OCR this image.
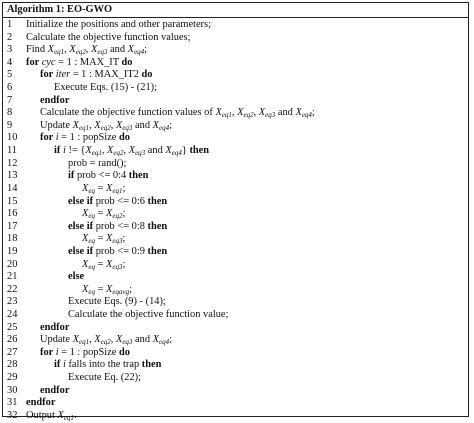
Algorithm 1: EO-GWO
1	Initialize the positions and other parameters;
2	Calculate the objective function values;
3	Find $X_{eq1}$, $X_{eq2}$, $X_{eq3}$ and $X_{eq4}$;
4	for cyc = 1 : MAX_IT do
5	for iter = 1 : MAX_IT2 do
6	Execute Eqs. (15) - (21);
7	endfor
8	Calculate the objective function values of $X_{eq1}$, $X_{eq2}$, $X_{eq3}$ and $X_{eq4}$;
9	Update $X_{eq1}$, $X_{eq2}$, $X_{eq3}$ and $X_{eq4}$;
10	for i = 1 : popSize do
11	if i != {$X_{eq1}$, $X_{eq2}$, $X_{eq3}$ and $X_{eq4}$} then
12	prob = rand();
13	if prob <= 0:4 then
14	$X_{eq} = X_{eq1}$;
15	else if prob <= 0:6 then
16	$X_{eq} = X_{eq2}$;
17	else if prob <= 0:8 then
18	$X_{eq} = X_{eq3}$;
19	else if prob <= 0:9 then
20	$X_{eq} = X_{eq3}$;
21	else
22	$X_{eq} = X_{eqavg}$;
23	Execute Eqs. (9) - (14);
24	Calculate the objective function value;
25	endfor
26	Update $X_{eq1}$, $X_{eq2}$, $X_{eq3}$ and $X_{eq4}$;
27	for i = 1 : popSize do
28	if i falls into the trap then
29	Execute Eq. (22);
30	endfor
31 endfor
32 Output $X_{eq1}$.
